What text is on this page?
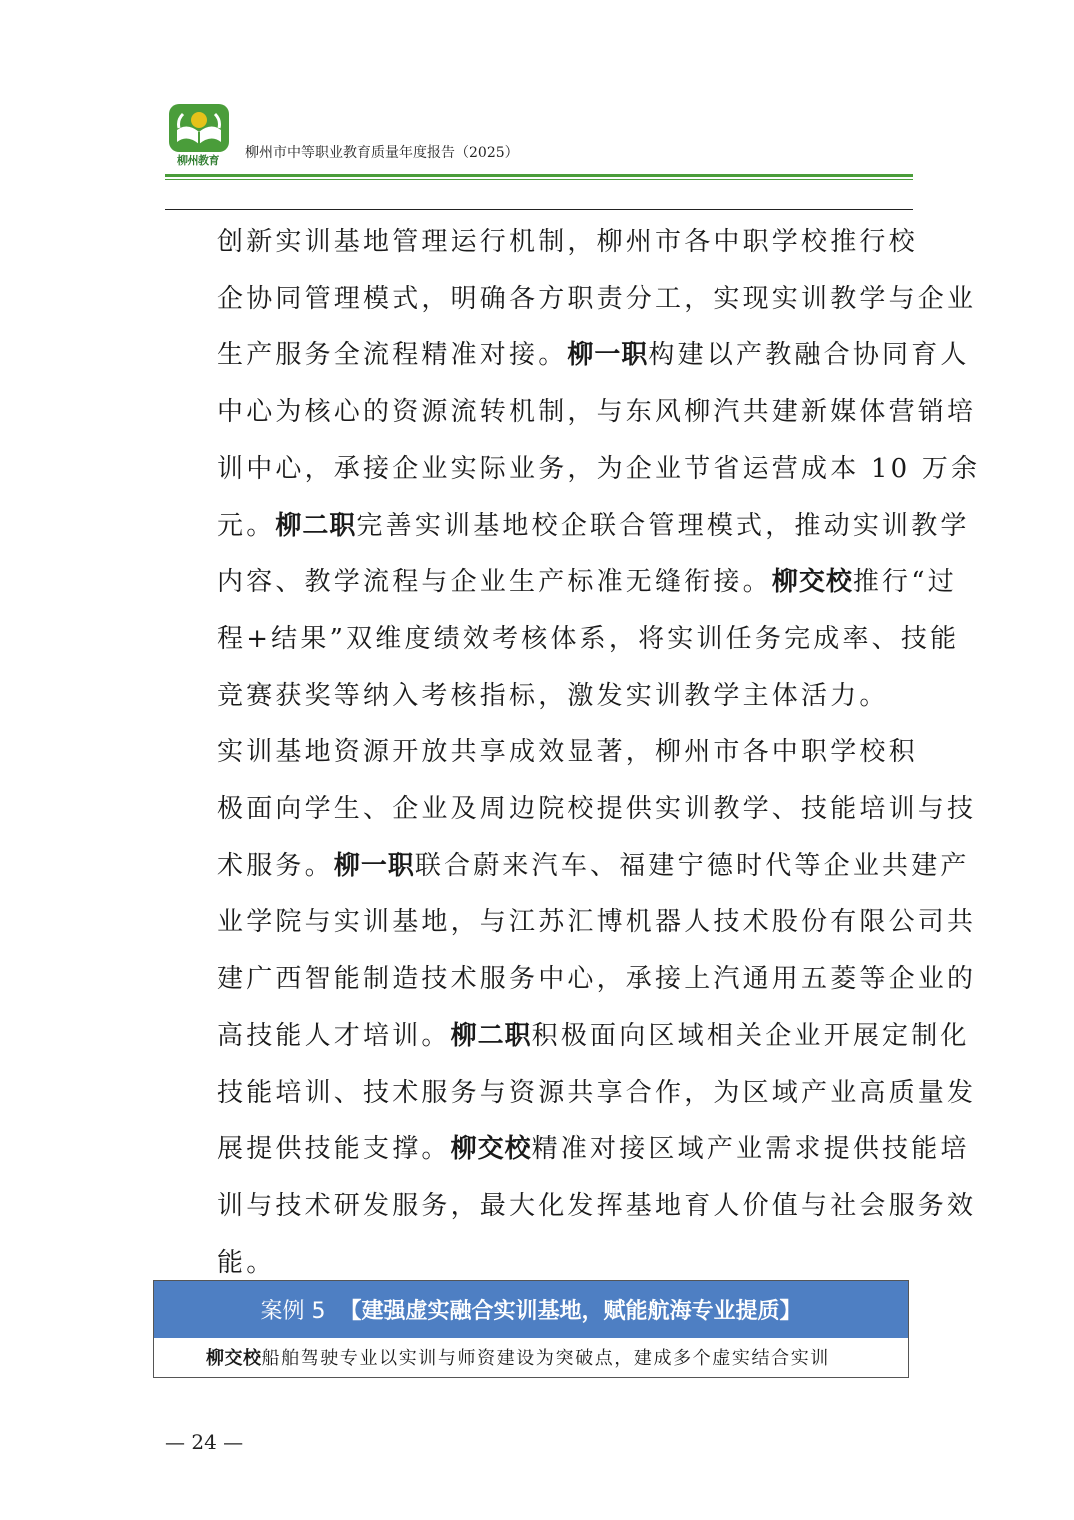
柳州教育 柳州市中等职业教育质量年度报告（2025）

创新实训基地管理运行机制，柳州市各中职学校推行校
企协同管理模式，明确各方职责分工，实现实训教学与企业
生产服务全流程精准对接。柳一职构建以产教融合协同育人
中心为核心的资源流转机制，与东风柳汽共建新媒体营销培
训中心，承接企业实际业务，为企业节省运营成本 10 万余
元。柳二职完善实训基地校企联合管理模式，推动实训教学
内容、教学流程与企业生产标准无缝衔接。柳交校推行“过
程+结果”双维度绩效考核体系，将实训任务完成率、技能
竞赛获奖等纳入考核指标，激发实训教学主体活力。

实训基地资源开放共享成效显著，柳州市各中职学校积
极面向学生、企业及周边院校提供实训教学、技能培训与技
术服务。柳一职联合蔚来汽车、福建宁德时代等企业共建产
业学院与实训基地，与江苏汇博机器人技术股份有限公司共
建广西智能制造技术服务中心，承接上汽通用五菱等企业的
高技能人才培训。柳二职积极面向区域相关企业开展定制化
技能培训、技术服务与资源共享合作，为区域产业高质量发
展提供技能支撑。柳交校精准对接区域产业需求提供技能培
训与技术研发服务，最大化发挥基地育人价值与社会服务效
能。

案例 5 【建强虚实融合实训基地，赋能航海专业提质】
柳交校船舶驾驶专业以实训与师资建设为突破点，建成多个虚实结合实训
— 24 —
